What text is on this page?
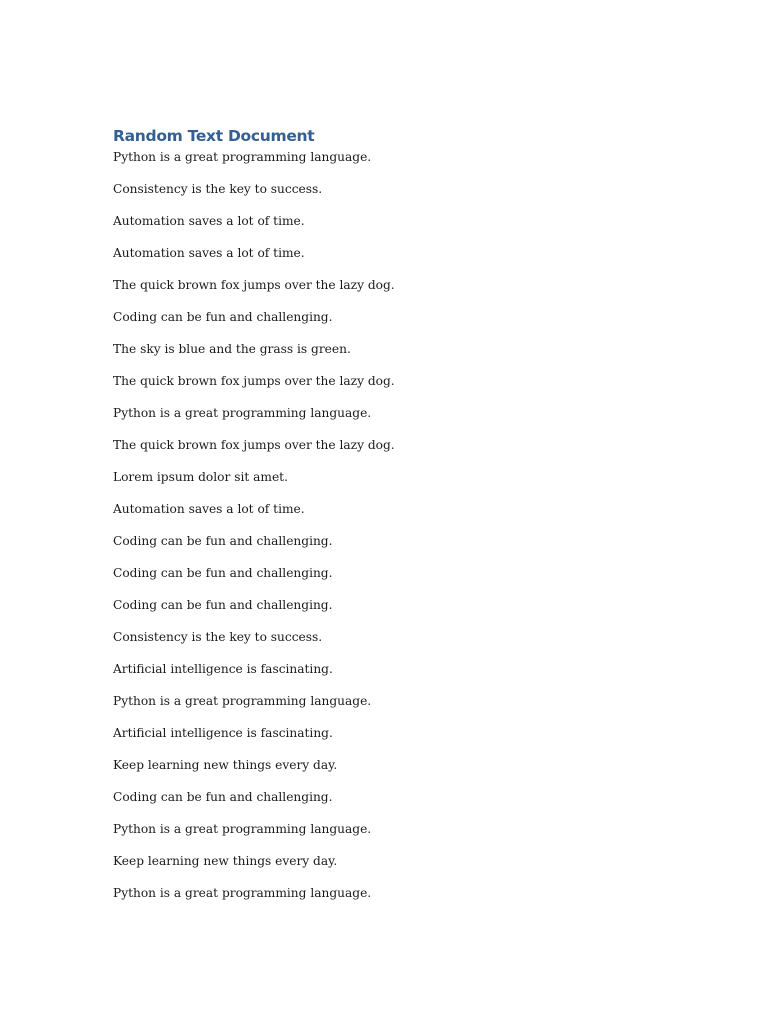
Random Text Document
Python is a great programming language.
Consistency is the key to success.
Automation saves a lot of time.
Automation saves a lot of time.
The quick brown fox jumps over the lazy dog.
Coding can be fun and challenging.
The sky is blue and the grass is green.
The quick brown fox jumps over the lazy dog.
Python is a great programming language.
The quick brown fox jumps over the lazy dog.
Lorem ipsum dolor sit amet.
Automation saves a lot of time.
Coding can be fun and challenging.
Coding can be fun and challenging.
Coding can be fun and challenging.
Consistency is the key to success.
Artificial intelligence is fascinating.
Python is a great programming language.
Artificial intelligence is fascinating.
Keep learning new things every day.
Coding can be fun and challenging.
Python is a great programming language.
Keep learning new things every day.
Python is a great programming language.
